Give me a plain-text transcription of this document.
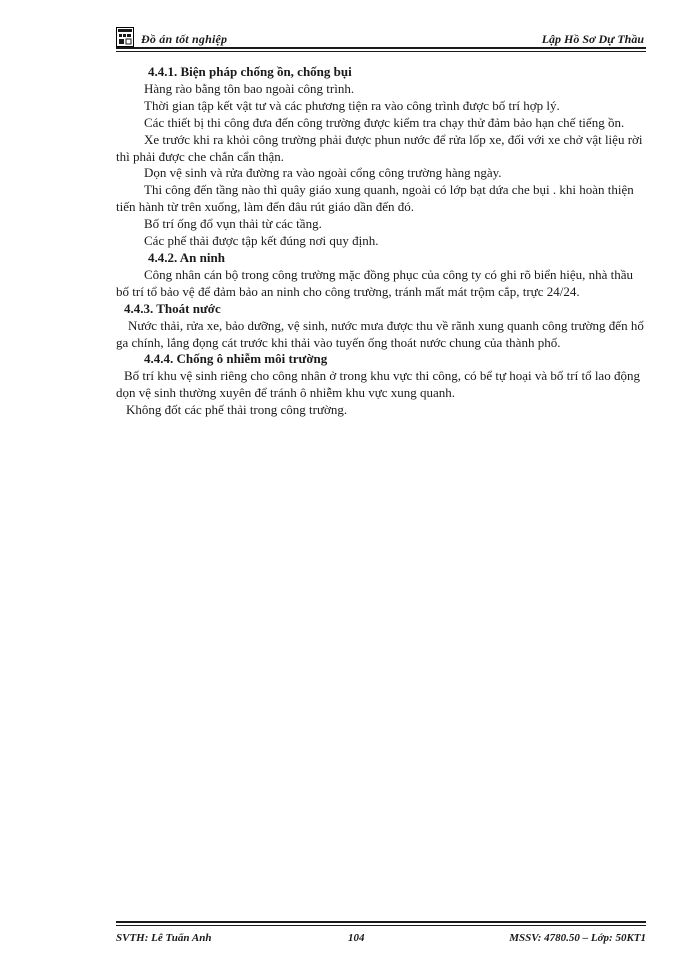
Đồ án tốt nghiệp	Lập Hồ Sơ Dự Thầu

4.4.1. Biện pháp chống ồn, chống bụi

Hàng rào bằng tôn bao ngoài công trình.

Thời gian tập kết vật tư và các phương tiện ra vào công trình được bố trí hợp lý.

Các thiết bị thi công đưa đến công trường được kiểm tra chạy thử đảm bảo hạn chế tiếng ồn.

Xe trước khi ra khỏi công trường phải được phun nước để rửa lốp xe, đối với xe chở vật liệu rời thì phải được che chắn cẩn thận.

Dọn vệ sinh và rửa đường ra vào ngoài cổng công trường hàng ngày.

Thi công đến tầng nào thì quây giáo xung quanh, ngoài có lớp bạt dứa che bụi . khi hoàn thiện tiến hành từ trên xuống, làm đến đâu rút giáo dần đến đó.

Bố trí ống đổ vụn thải từ các tầng.

Các phế thải được tập kết đúng nơi quy định.

4.4.2. An ninh

Công nhân cán bộ trong công trường mặc đồng phục của công ty có ghi rõ biển hiệu, nhà thầu bố trí tổ bảo vệ để đảm bảo an ninh cho công trường, tránh mất mát trộm cắp, trực 24/24.

4.4.3. Thoát nước

Nước thải, rửa xe, bảo dưỡng, vệ sinh, nước mưa được thu về rãnh xung quanh công trường đến hố ga chính, lắng đọng cát trước khi thải vào tuyến ống thoát nước chung của thành phố.

4.4.4. Chống ô nhiễm môi trường

Bố trí khu vệ sinh riêng cho công nhân ở trong khu vực thi công, có bể tự hoại và bố trí tổ lao động dọn vệ sinh thường xuyên để tránh ô nhiễm khu vực xung quanh.

Không đốt các phế thải trong công trường.

SVTH: Lê Tuấn Anh	104	MSSV: 4780.50 – Lớp: 50KT1
